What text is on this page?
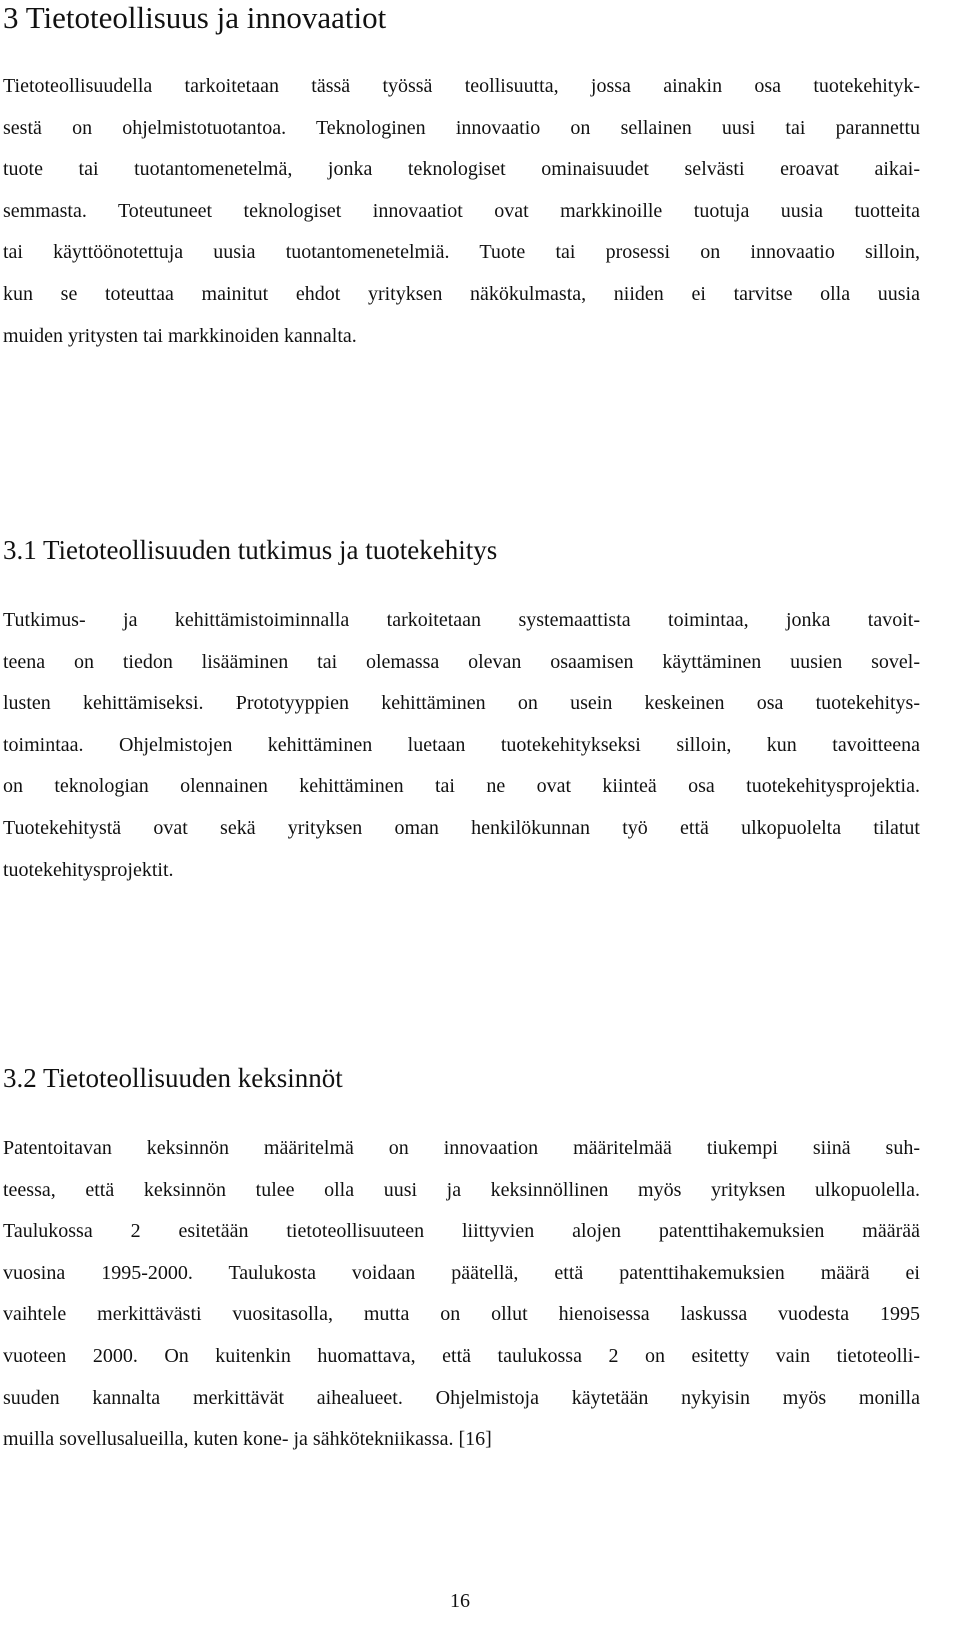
3 Tietoteollisuus ja innovaatiot
Tietoteollisuudella tarkoitetaan tässä työssä teollisuutta, jossa ainakin osa tuotekehityk-
sestä on ohjelmistotuotantoa. Teknologinen innovaatio on sellainen uusi tai parannettu
tuote tai tuotantomenetelmä, jonka teknologiset ominaisuudet selvästi eroavat aikai-
semmasta. Toteutuneet teknologiset innovaatiot ovat markkinoille tuotuja uusia tuotteita
tai käyttöönotettuja uusia tuotantomenetelmiä. Tuote tai prosessi on innovaatio silloin,
kun se toteuttaa mainitut ehdot yrityksen näkökulmasta, niiden ei tarvitse olla uusia
muiden yritysten tai markkinoiden kannalta.
3.1 Tietoteollisuuden tutkimus ja tuotekehitys
Tutkimus- ja kehittämistoiminnalla tarkoitetaan systemaattista toimintaa, jonka tavoit-
teena on tiedon lisääminen tai olemassa olevan osaamisen käyttäminen uusien sovel-
lusten kehittämiseksi. Prototyyppien kehittäminen on usein keskeinen osa tuotekehitys-
toimintaa. Ohjelmistojen kehittäminen luetaan tuotekehitykseksi silloin, kun tavoitteena
on teknologian olennainen kehittäminen tai ne ovat kiinteä osa tuotekehitysprojektia.
Tuotekehitystä ovat sekä yrityksen oman henkilökunnan työ että ulkopuolelta tilatut
tuotekehitysprojektit.
3.2 Tietoteollisuuden keksinnöt
Patentoitavan keksinnön määritelmä on innovaation määritelmää tiukempi siinä suh-
teessa, että keksinnön tulee olla uusi ja keksinnöllinen myös yrityksen ulkopuolella.
Taulukossa 2 esitetään tietoteollisuuteen liittyvien alojen patenttihakemuksien määrää
vuosina 1995-2000. Taulukosta voidaan päätellä, että patenttihakemuksien määrä ei
vaihtele merkittävästi vuositasolla, mutta on ollut hienoisessa laskussa vuodesta 1995
vuoteen 2000. On kuitenkin huomattava, että taulukossa 2 on esitetty vain tietoteolli-
suuden kannalta merkittävät aihealueet. Ohjelmistoja käytetään nykyisin myös monilla
muilla sovellusalueilla, kuten kone- ja sähkötekniikassa. [16]
16
